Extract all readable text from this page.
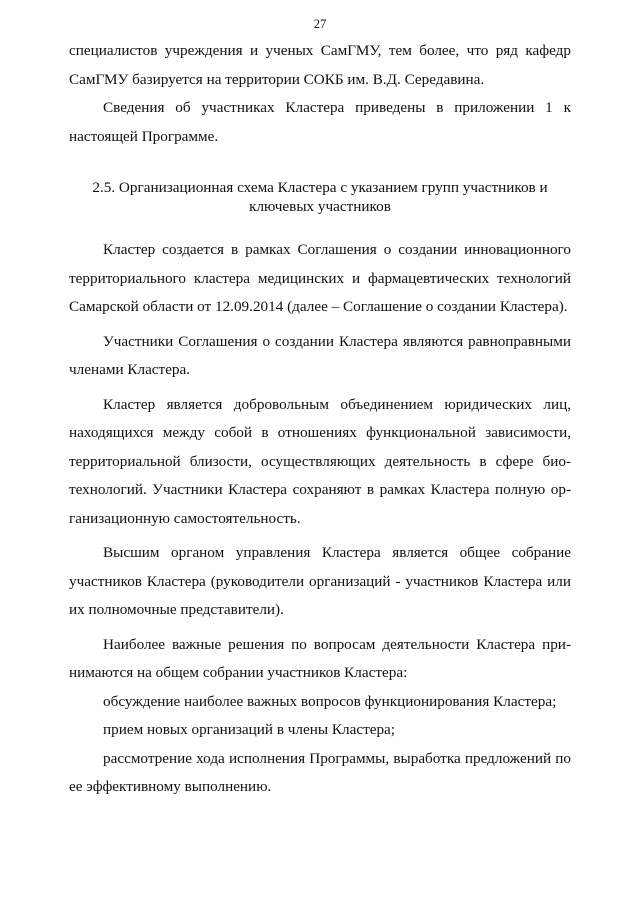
27

специалистов учреждения и ученых СамГМУ, тем более, что ряд кафедр СамГМУ базируется на территории СОКБ им. В.Д. Середавина.

Сведения об участниках Кластера приведены в приложении 1 к настоящей Программе.

2.5. Организационная схема Кластера с указанием групп участников и ключевых участников

Кластер создается в рамках Соглашения о создании инновационного территориального кластера медицинских и фармацевтических технологий Самарской области от 12.09.2014 (далее – Соглашение о создании Кластера).

Участники Соглашения о создании Кластера являются равноправными членами Кластера.

Кластер является добровольным объединением юридических лиц, находящихся между собой в отношениях функциональной зависимости, территориальной близости, осуществляющих деятельность в сфере биотехнологий. Участники Кластера сохраняют в рамках Кластера полную организационную самостоятельность.

Высшим органом управления Кластера является общее собрание участников Кластера (руководители организаций - участников Кластера или их полномочные представители).

Наиболее важные решения по вопросам деятельности Кластера принимаются на общем собрании участников Кластера:

обсуждение наиболее важных вопросов функционирования Кластера;

прием новых организаций в члены Кластера;

рассмотрение хода исполнения Программы, выработка предложений по ее эффективному выполнению.
